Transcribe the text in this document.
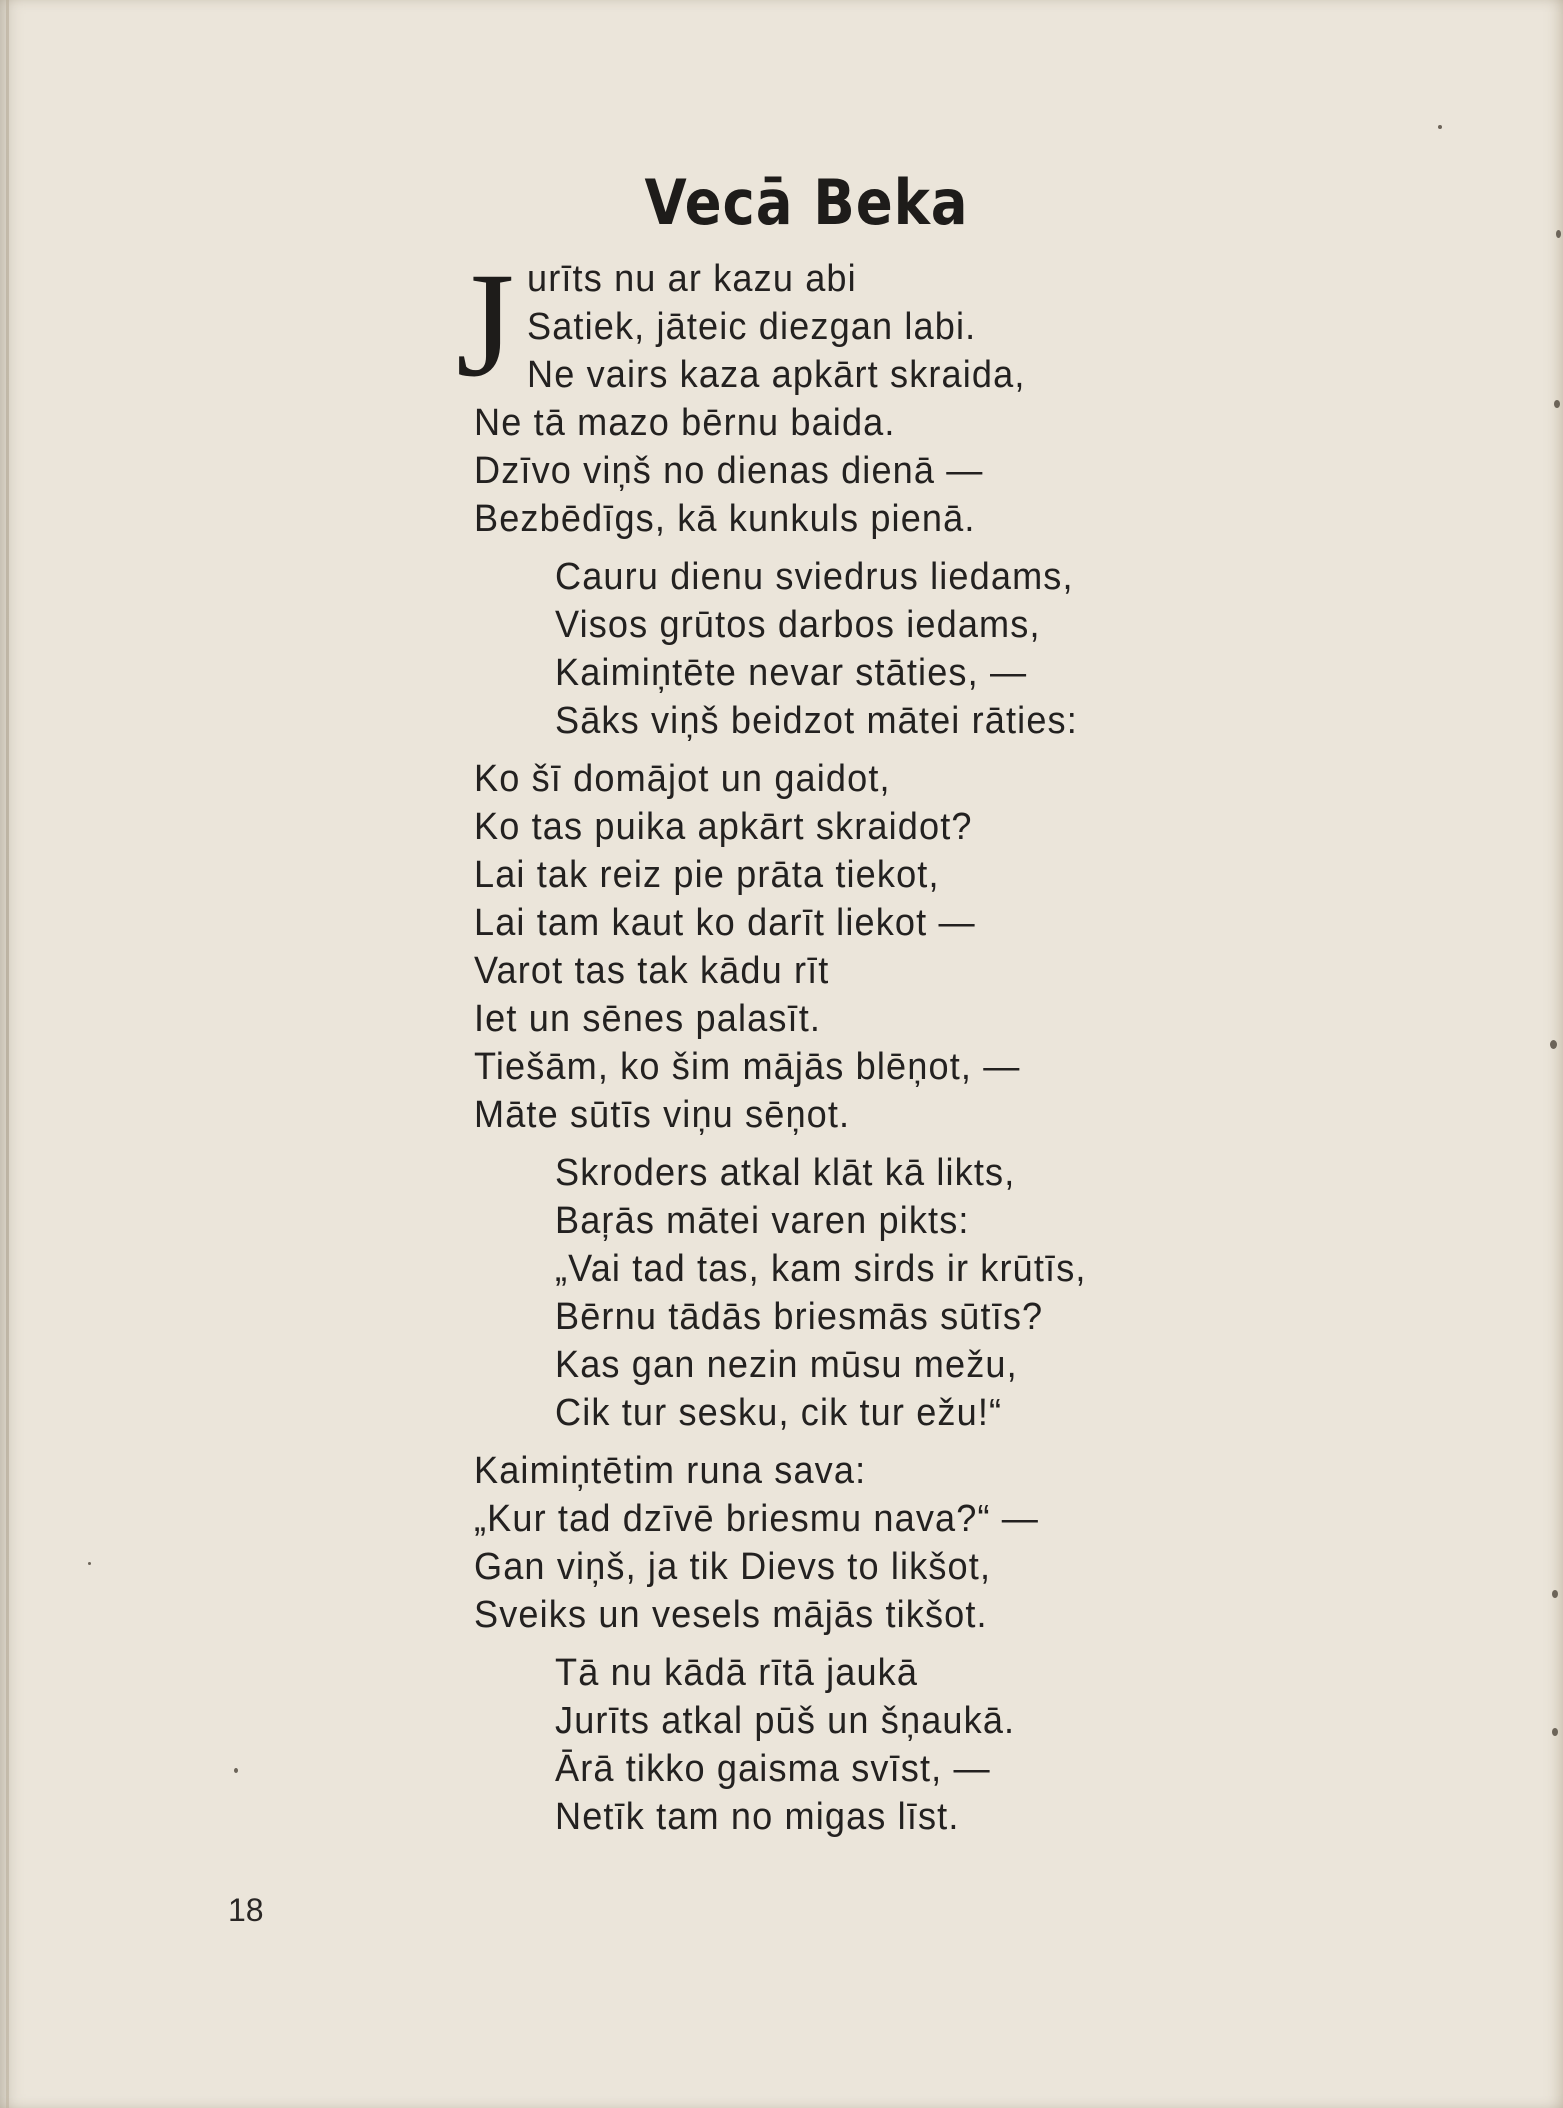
Vecā Beka
J urīts nu ar kazu abi
Satiek, jāteic diezgan labi.
Ne vairs kaza apkārt skraida,
Ne tā mazo bērnu baida.
Dzīvo viņš no dienas dienā —
Bezbēdīgs, kā kunkuls pienā.
Cauru dienu sviedrus liedams,
Visos grūtos darbos iedams,
Kaimiņtēte nevar stāties, —
Sāks viņš beidzot mātei rāties:
Ko šī domājot un gaidot,
Ko tas puika apkārt skraidot?
Lai tak reiz pie prāta tiekot,
Lai tam kaut ko darīt liekot —
Varot tas tak kādu rīt
Iet un sēnes palasīt.
Tiešām, ko šim mājās blēņot, —
Māte sūtīs viņu sēņot.
Skroders atkal klāt kā likts,
Baŗās mātei varen pikts:
„Vai tad tas, kam sirds ir krūtīs,
Bērnu tādās briesmās sūtīs?
Kas gan nezin mūsu mežu,
Cik tur sesku, cik tur ežu!“
Kaimiņtētim runa sava:
„Kur tad dzīvē briesmu nava?“ —
Gan viņš, ja tik Dievs to likšot,
Sveiks un vesels mājās tikšot.
Tā nu kādā rītā jaukā
Jurīts atkal pūš un šņaukā.
Ārā tikko gaisma svīst, —
Netīk tam no migas līst.
18
